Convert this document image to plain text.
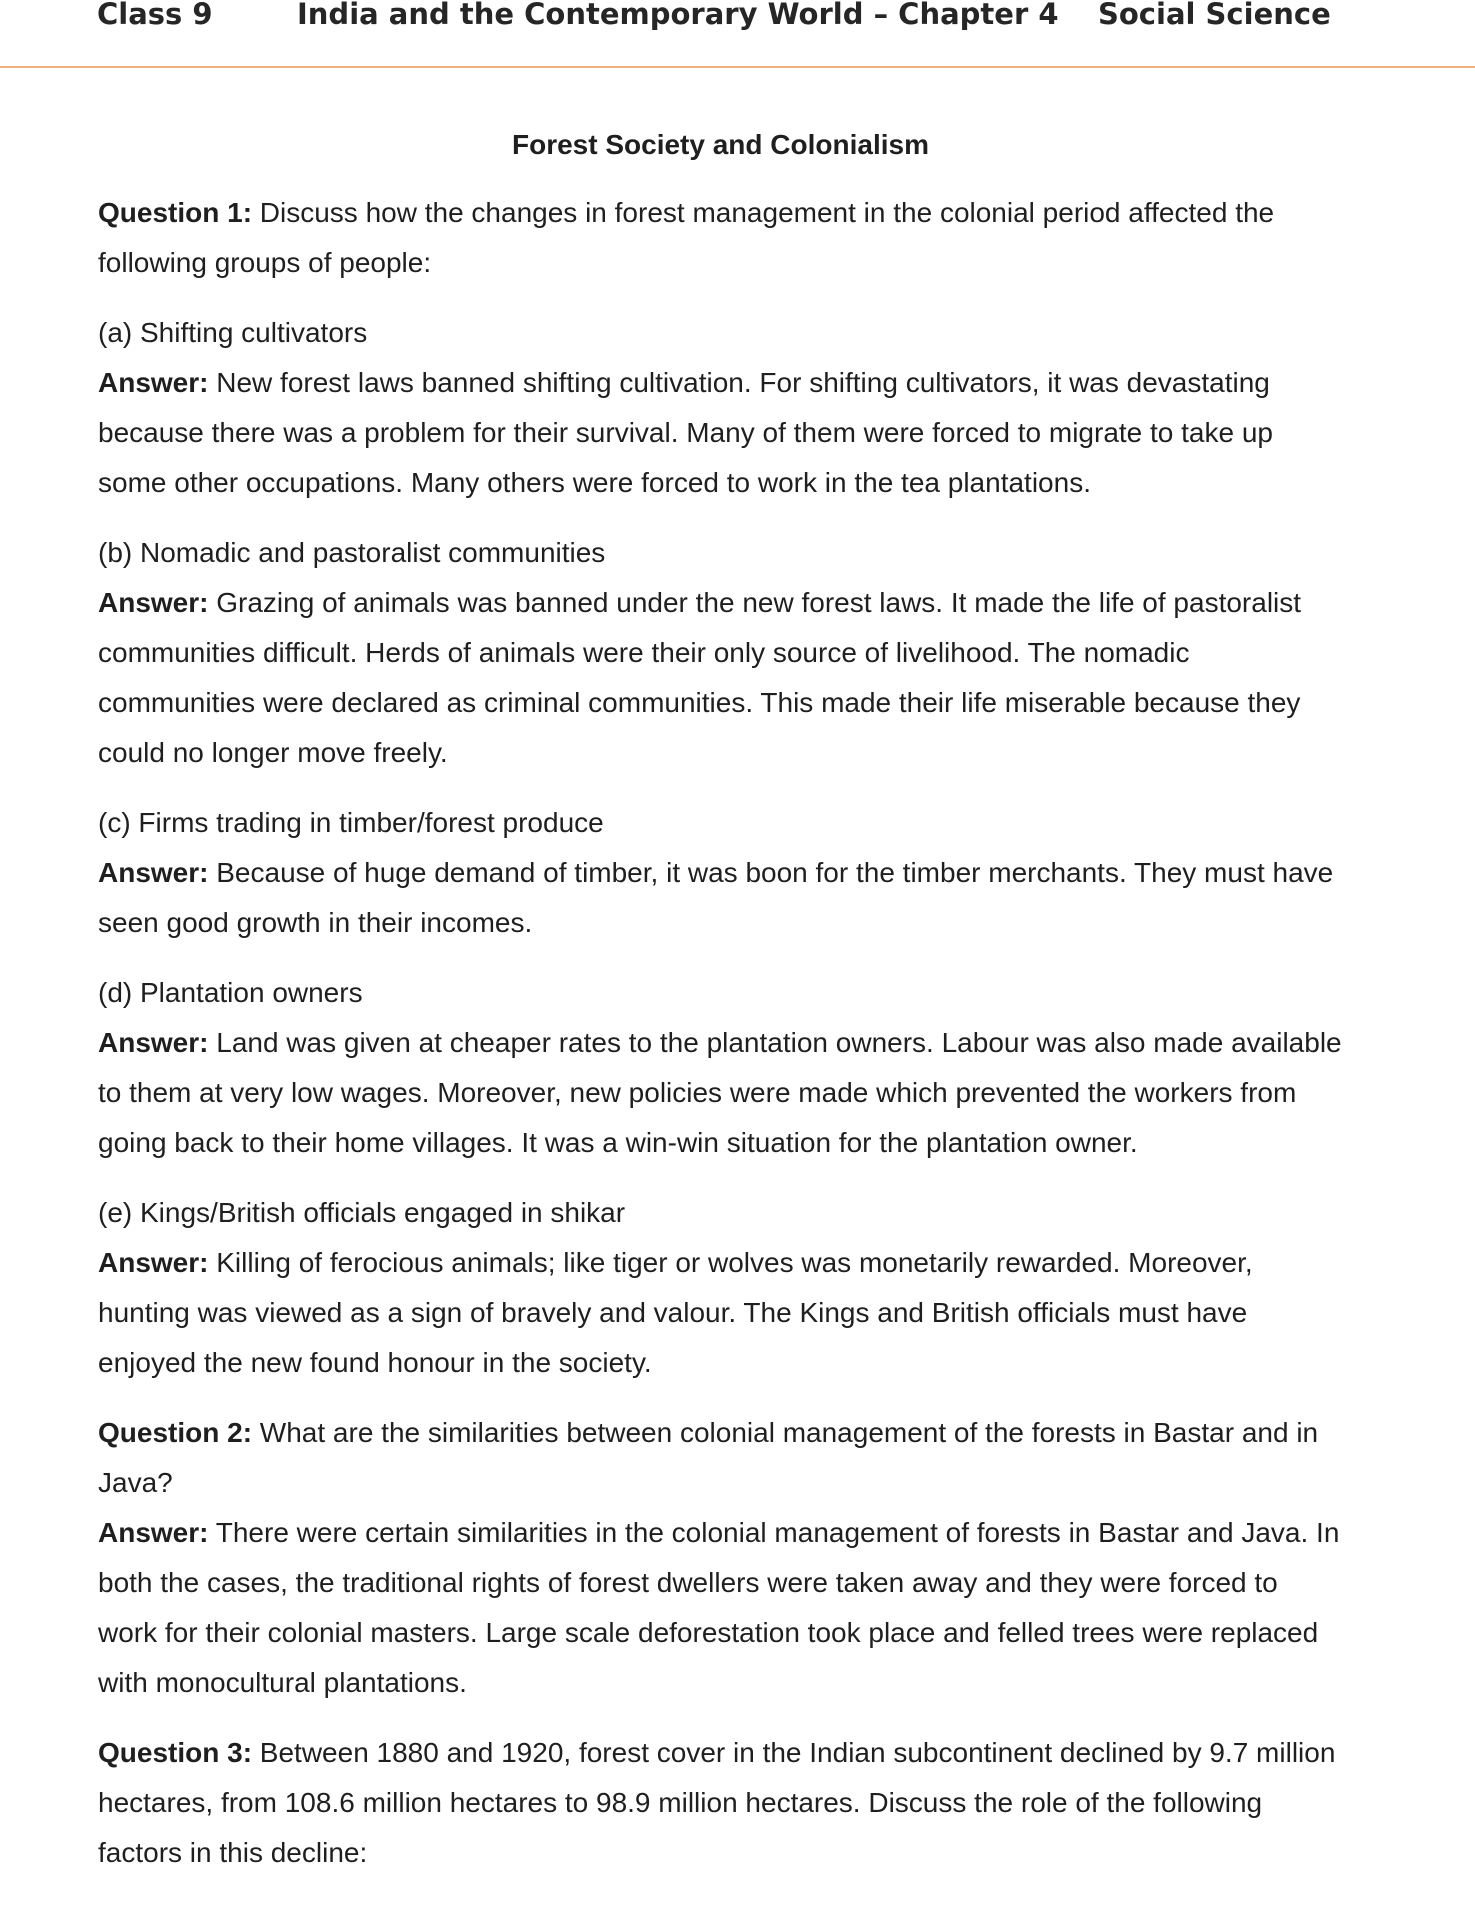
Class 9	India and the Contemporary World – Chapter 4 Social Science
Forest Society and Colonialism

Question 1: Discuss how the changes in forest management in the colonial period affected the following groups of people:

(a) Shifting cultivators

Answer: New forest laws banned shifting cultivation. For shifting cultivators, it was devastating because there was a problem for their survival. Many of them were forced to migrate to take up some other occupations. Many others were forced to work in the tea plantations.

(b) Nomadic and pastoralist communities

Answer: Grazing of animals was banned under the new forest laws. It made the life of pastoralist communities difficult. Herds of animals were their only source of livelihood. The nomadic communities were declared as criminal communities. This made their life miserable because they could no longer move freely.

(c) Firms trading in timber/forest produce

Answer: Because of huge demand of timber, it was boon for the timber merchants. They must have seen good growth in their incomes.

(d) Plantation owners

Answer: Land was given at cheaper rates to the plantation owners. Labour was also made available to them at very low wages. Moreover, new policies were made which prevented the workers from going back to their home villages. It was a win-win situation for the plantation owner.

(e) Kings/British officials engaged in shikar

Answer: Killing of ferocious animals; like tiger or wolves was monetarily rewarded. Moreover, hunting was viewed as a sign of bravely and valour. The Kings and British officials must have enjoyed the new found honour in the society.

Question 2: What are the similarities between colonial management of the forests in Bastar and in Java?

Answer: There were certain similarities in the colonial management of forests in Bastar and Java. In both the cases, the traditional rights of forest dwellers were taken away and they were forced to work for their colonial masters. Large scale deforestation took place and felled trees were replaced with monocultural plantations.

Question 3: Between 1880 and 1920, forest cover in the Indian subcontinent declined by 9.7 million hectares, from 108.6 million hectares to 98.9 million hectares. Discuss the role of the following factors in this decline:
